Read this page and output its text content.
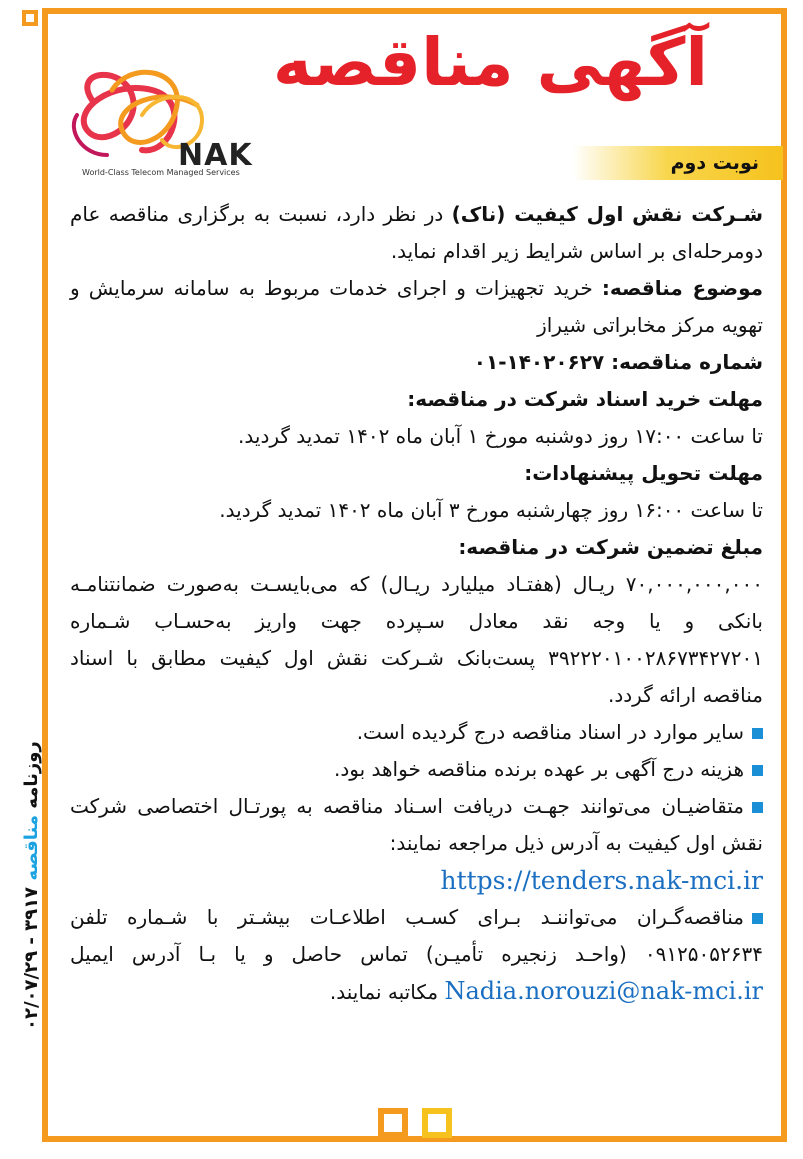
آگهی مناقصه
NAK
World-Class Telecom Managed Services	نوبت دوم

شـرکت نقش اول کیفیت (ناک) در نظر دارد، نسبت به برگزاری مناقصه عام دومرحله‌ای بر اساس شرایط زیر اقدام نماید.

موضوع مناقصه: خرید تجهیزات و اجرای خدمات مربوط به سامانه سرمایش و تهویه مرکز مخابراتی شیراز

شماره مناقصه: ۱۴۰۲۰۶۲۷-۰۱

مهلت خرید اسناد شرکت در مناقصه:

تا ساعت ۱۷:۰۰ روز دوشنبه مورخ ۱ آبان ماه ۱۴۰۲ تمدید گردید.

مهلت تحویل پیشنهادات:

تا ساعت ۱۶:۰۰ روز چهارشنبه مورخ ۳ آبان ماه ۱۴۰۲ تمدید گردید.

مبلغ تضمین شرکت در مناقصه:

۷۰,۰۰۰,۰۰۰,۰۰۰ ریـال (هفتـاد میلیارد ریـال) که می‌بایسـت به‌صورت ضمانتنامـه بانکی و یا وجه نقد معادل سـپرده جهت واریز به‌حسـاب شـماره ۳۹۲۲۲۰۱۰۰۲۸۶۷۳۴۲۷۲۰۱ پست‌بانک شـرکت نقش اول کیفیت مطابق با اسناد مناقصه ارائه گردد.

سایر موارد در اسناد مناقصه درج گردیده است.

هزینه درج آگهی بر عهده برنده مناقصه خواهد بود.

متقاضیـان می‌توانند جهـت دریافت اسـناد مناقصه به پورتـال اختصاصی شرکت نقش اول کیفیت به آدرس ذیل مراجعه نمایند:

https://tenders.nak-mci.ir

مناقصه‌گـران می‌تواننـد بـرای کسـب اطلاعـات بیشـتر با شـماره تلفن ۰۹۱۲۵۰۵۲۶۳۴ (واحـد زنجیره تأمیـن) تماس حاصل و یا بـا آدرس ایمیل Nadia.norouzi@nak-mci.ir مکاتبه نمایند.

روزنامه مناقصه ۳۹۱۷ - ۰۲/۰۷/۲۹
